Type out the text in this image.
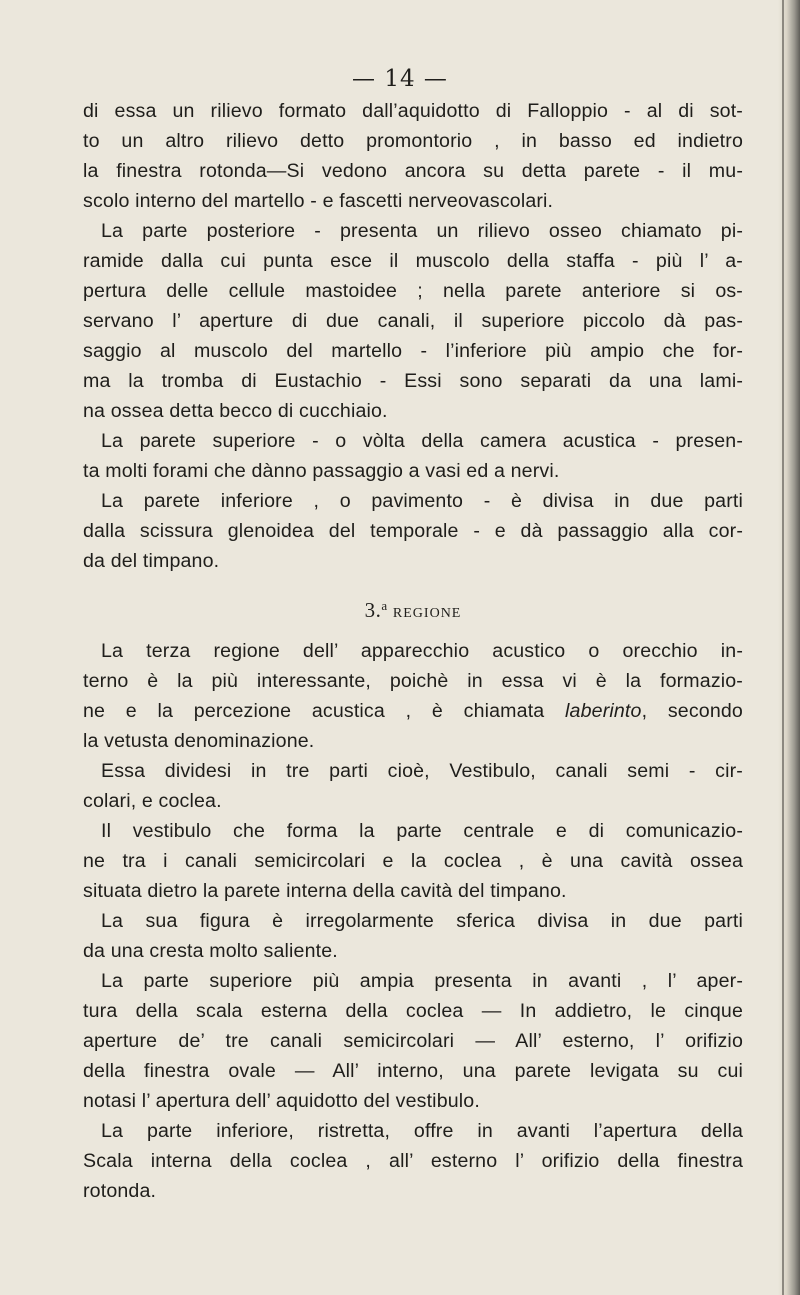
— 14 —
di essa un rilievo formato dall’aquidotto di Falloppio - al di sot-
to un altro rilievo detto promontorio , in basso ed indietro
la finestra rotonda—Si vedono ancora su detta parete - il mu-
scolo interno del martello - e fascetti nerveovascolari.
La parte posteriore - presenta un rilievo osseo chiamato pi-
ramide dalla cui punta esce il muscolo della staffa - più l’ a-
pertura delle cellule mastoidee ; nella parete anteriore si os-
servano l’ aperture di due canali, il superiore piccolo dà pas-
saggio al muscolo del martello - l’inferiore più ampio che for-
ma la tromba di Eustachio - Essi sono separati da una lami-
na ossea detta becco di cucchiaio.
La parete superiore - o vòlta della camera acustica - presen-
ta molti forami che dànno passaggio a vasi ed a nervi.
La parete inferiore , o pavimento - è divisa in due parti
dalla scissura glenoidea del temporale - e dà passaggio alla cor-
da del timpano.
3.$^a$ REGIONE
La terza regione dell’ apparecchio acustico o orecchio in-
terno è la più interessante, poichè in essa vi è la formazio-
ne e la percezione acustica , è chiamata laberinto, secondo
la vetusta denominazione.
Essa dividesi in tre parti cioè, Vestibulo, canali semi - cir-
colari, e coclea.
Il vestibulo che forma la parte centrale e di comunicazio-
ne tra i canali semicircolari e la coclea , è una cavità ossea
situata dietro la parete interna della cavità del timpano.
La sua figura è irregolarmente sferica divisa in due parti
da una cresta molto saliente.
La parte superiore più ampia presenta in avanti , l’ aper-
tura della scala esterna della coclea — In addietro, le cinque
aperture de’ tre canali semicircolari — All’ esterno, l’ orifizio
della finestra ovale — All’ interno, una parete levigata su cui
notasi l’ apertura dell’ aquidotto del vestibulo.
La parte inferiore, ristretta, offre in avanti l’apertura della
Scala interna della coclea , all’ esterno l’ orifizio della finestra
rotonda.
